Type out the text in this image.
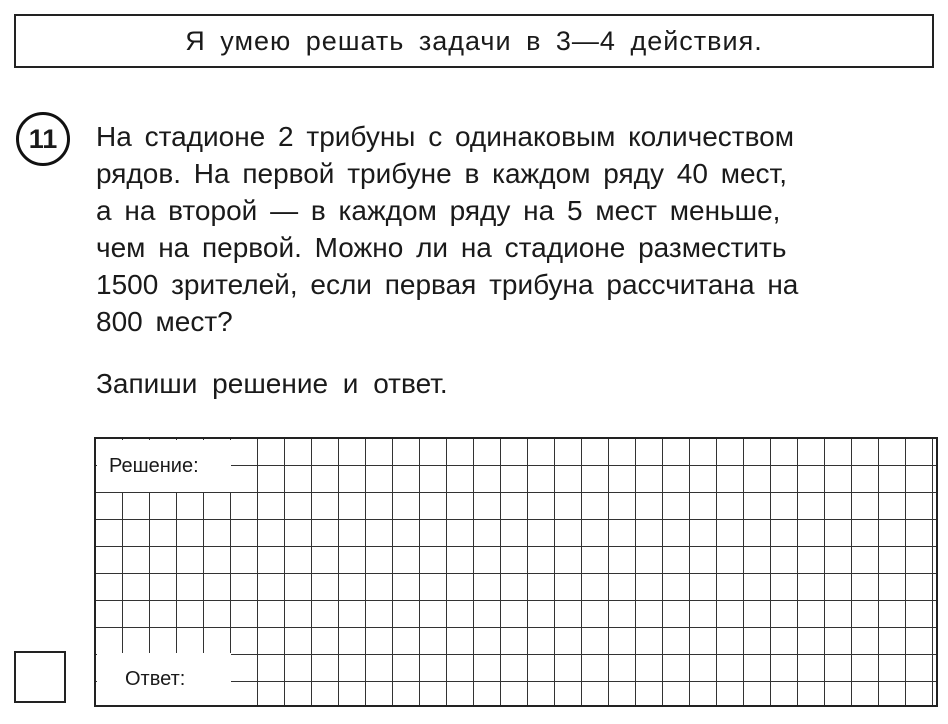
Я умею решать задачи в 3—4 действия.
11 На стадионе 2 трибуны с одинаковым количеством
рядов. На первой трибуне в каждом ряду 40 мест,
а на второй — в каждом ряду на 5 мест меньше,
чем на первой. Можно ли на стадионе разместить
1500 зрителей, если первая трибуна рассчитана на
800 мест?
Запиши решение и ответ.
Решение:
Ответ:
